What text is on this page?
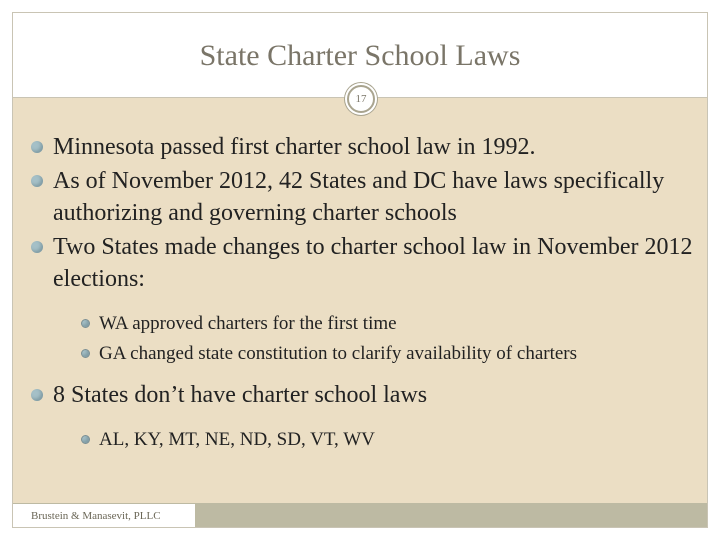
State Charter School Laws
17
Minnesota passed first charter school law in 1992.
As of November 2012, 42 States and DC have laws specifically authorizing and governing charter schools
Two States made changes to charter school law in November 2012 elections:
WA approved charters for the first time
GA changed state constitution to clarify availability of charters
8 States don’t have charter school laws
AL, KY, MT, NE, ND, SD, VT, WV
Brustein & Manasevit, PLLC
